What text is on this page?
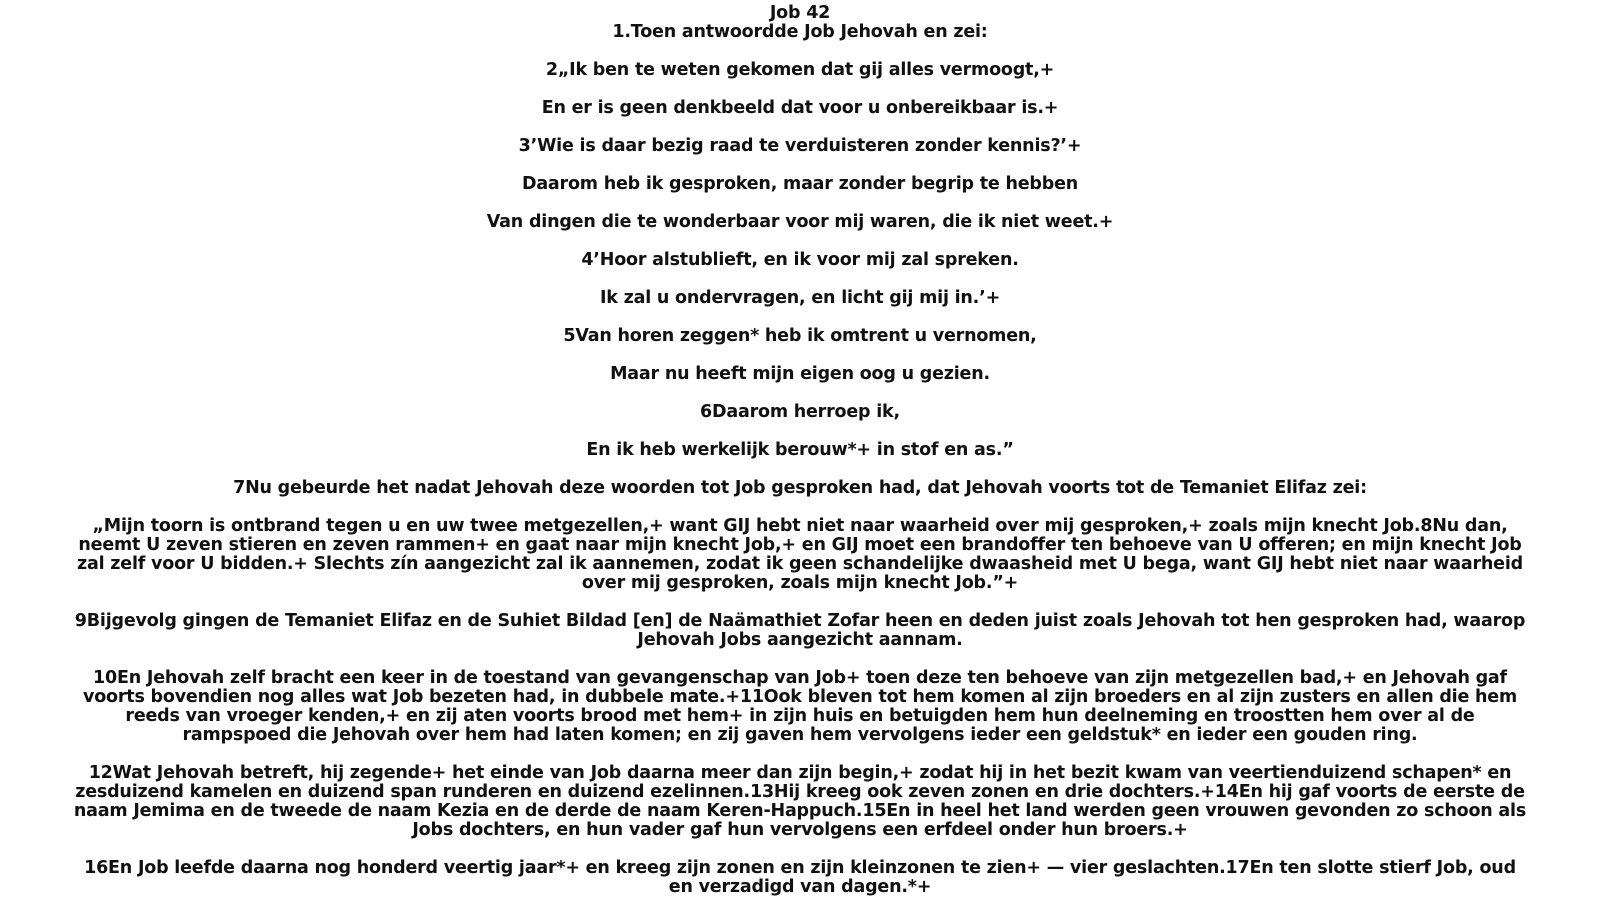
Job 42

1.Toen antwoordde Job Jehovah en zei:

2„Ik ben te weten gekomen dat gij alles vermoogt,+

En er is geen denkbeeld dat voor u onbereikbaar is.+

3’Wie is daar bezig raad te verduisteren zonder kennis?’+

Daarom heb ik gesproken, maar zonder begrip te hebben

Van dingen die te wonderbaar voor mij waren, die ik niet weet.+

4’Hoor alstublieft, en ik voor mij zal spreken.

Ik zal u ondervragen, en licht gij mij in.’+

5Van horen zeggen* heb ik omtrent u vernomen,

Maar nu heeft mijn eigen oog u gezien.

6Daarom herroep ik,

En ik heb werkelijk berouw*+ in stof en as.”

7Nu gebeurde het nadat Jehovah deze woorden tot Job gesproken had, dat Jehovah voorts tot de Temaniet Elifaz zei:

„Mijn toorn is ontbrand tegen u en uw twee metgezellen,+ want GIJ hebt niet naar waarheid over mij gesproken,+ zoals mijn knecht Job.8Nu dan, neemt U zeven stieren en zeven rammen+ en gaat naar mijn knecht Job,+ en GIJ moet een brandoffer ten behoeve van U offeren; en mijn knecht Job zal zelf voor U bidden.+ Slechts zín aangezicht zal ik aannemen, zodat ik geen schandelijke dwaasheid met U bega, want GIJ hebt niet naar waarheid over mij gesproken, zoals mijn knecht Job.”+

9Bijgevolg gingen de Temaniet Elifaz en de Suhiet Bildad [en] de Naämathiet Zofar heen en deden juist zoals Jehovah tot hen gesproken had, waarop Jehovah Jobs aangezicht aannam.

10En Jehovah zelf bracht een keer in de toestand van gevangenschap van Job+ toen deze ten behoeve van zijn metgezellen bad,+ en Jehovah gaf voorts bovendien nog alles wat Job bezeten had, in dubbele mate.+11Ook bleven tot hem komen al zijn broeders en al zijn zusters en allen die hem reeds van vroeger kenden,+ en zij aten voorts brood met hem+ in zijn huis en betuigden hem hun deelneming en troostten hem over al de rampspoed die Jehovah over hem had laten komen; en zij gaven hem vervolgens ieder een geldstuk* en ieder een gouden ring.

12Wat Jehovah betreft, hij zegende+ het einde van Job daarna meer dan zijn begin,+ zodat hij in het bezit kwam van veertienduizend schapen* en zesduizend kamelen en duizend span runderen en duizend ezelinnen.13Hij kreeg ook zeven zonen en drie dochters.+14En hij gaf voorts de eerste de naam Jemima en de tweede de naam Kezia en de derde de naam Keren-Happuch.15En in heel het land werden geen vrouwen gevonden zo schoon als Jobs dochters, en hun vader gaf hun vervolgens een erfdeel onder hun broers.+

16En Job leefde daarna nog honderd veertig jaar*+ en kreeg zijn zonen en zijn kleinzonen te zien+ — vier geslachten.17En ten slotte stierf Job, oud en verzadigd van dagen.*+
